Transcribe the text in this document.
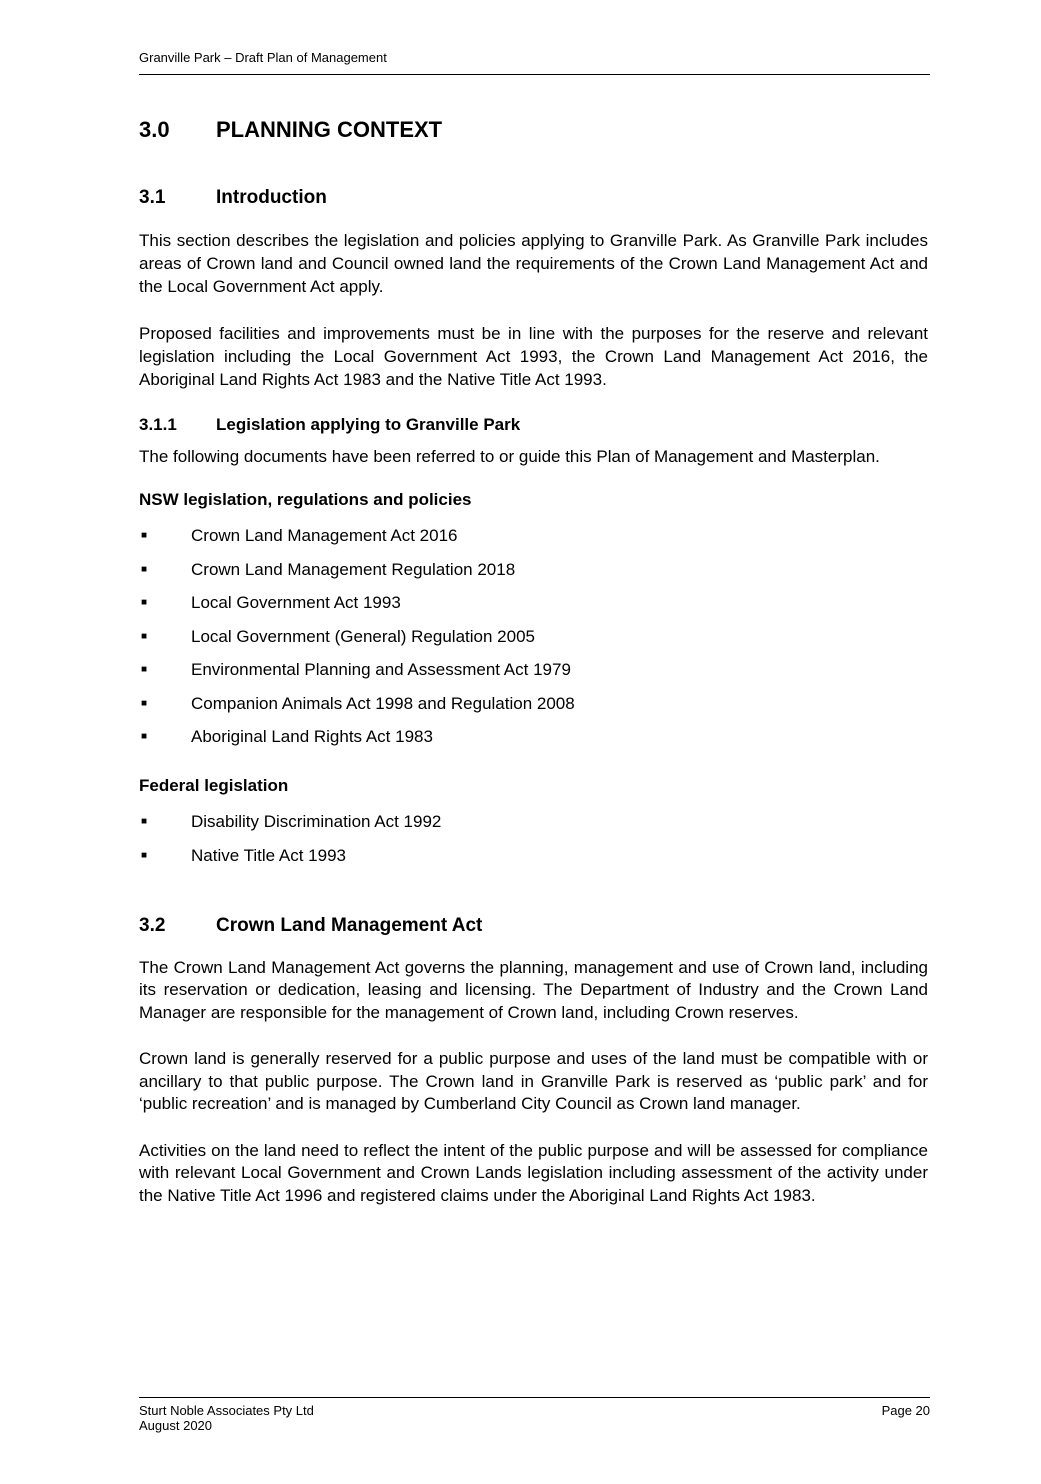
Granville Park – Draft Plan of Management
3.0	PLANNING CONTEXT
3.1	Introduction

This section describes the legislation and policies applying to Granville Park. As Granville Park includes areas of Crown land and Council owned land the requirements of the Crown Land Management Act and the Local Government Act apply.

Proposed facilities and improvements must be in line with the purposes for the reserve and relevant legislation including the Local Government Act 1993, the Crown Land Management Act 2016, the Aboriginal Land Rights Act 1983 and the Native Title Act 1993.

3.1.1	Legislation applying to Granville Park

The following documents have been referred to or guide this Plan of Management and Masterplan.

NSW legislation, regulations and policies
■	Crown Land Management Act 2016
■	Crown Land Management Regulation 2018
■	Local Government Act 1993
■	Local Government (General) Regulation 2005
■	Environmental Planning and Assessment Act 1979
■	Companion Animals Act 1998 and Regulation 2008
■	Aboriginal Land Rights Act 1983
Federal legislation
■	Disability Discrimination Act 1992
■	Native Title Act 1993
3.2	Crown Land Management Act

The Crown Land Management Act governs the planning, management and use of Crown land, including its reservation or dedication, leasing and licensing. The Department of Industry and the Crown Land Manager are responsible for the management of Crown land, including Crown reserves.

Crown land is generally reserved for a public purpose and uses of the land must be compatible with or ancillary to that public purpose. The Crown land in Granville Park is reserved as ‘public park’ and for ‘public recreation’ and is managed by Cumberland City Council as Crown land manager.

Activities on the land need to reflect the intent of the public purpose and will be assessed for compliance with relevant Local Government and Crown Lands legislation including assessment of the activity under the Native Title Act 1996 and registered claims under the Aboriginal Land Rights Act 1983.

Sturt Noble Associates Pty Ltd	Page 20
August 2020
